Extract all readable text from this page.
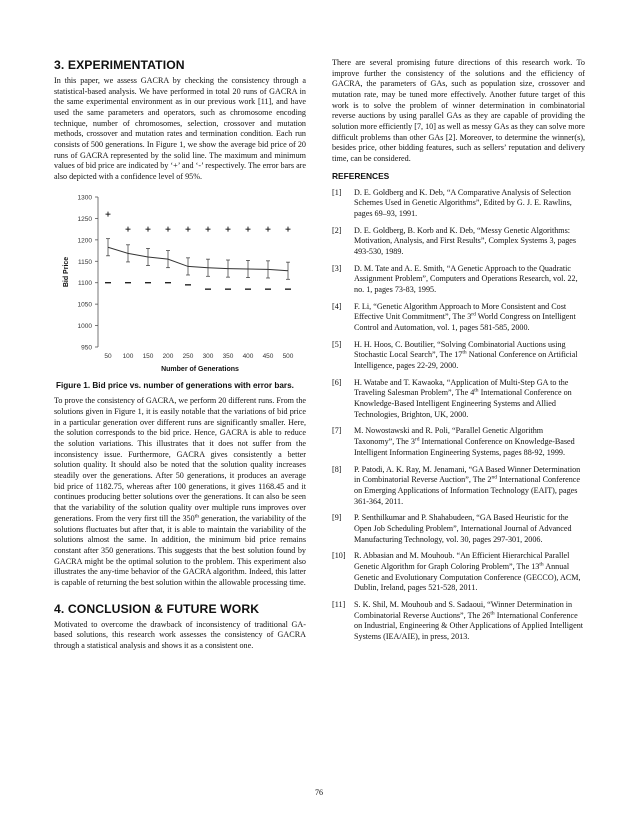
3. EXPERIMENTATION

In this paper, we assess GACRA by checking the consistency through a statistical-based analysis. We have performed in total 20 runs of GACRA in the same experimental environment as in our previous work [11], and have used the same parameters and operators, such as chromosome encoding technique, number of chromosomes, selection, crossover and mutation methods, crossover and mutation rates and termination condition. Each run consists of 500 generations. In Figure 1, we show the average bid price of 20 runs of GACRA represented by the solid line. The maximum and minimum values of bid price are indicated by ‘+’ and ‘-’ respectively. The error bars are also depicted with a confidence level of 95%.

950
1000
1050
1100
1150
1200
1250
1300
50 100 150 200 250 300 350 400 450 500
Number of Generations
Bid Price
Figure 1. Bid price vs. number of generations with error bars.

To prove the consistency of GACRA, we perform 20 different runs. From the solutions given in Figure 1, it is easily notable that the variations of bid price in a particular generation over different runs are significantly smaller. Here, the solution corresponds to the bid price. Hence, GACRA is able to reduce the solution variations. This illustrates that it does not suffer from the inconsistency issue. Furthermore, GACRA gives consistently a better solution quality. It should also be noted that the solution quality increases steadily over the generations. After 50 generations, it produces an average bid price of 1182.75, whereas after 100 generations, it gives 1168.45 and it continues producing better solutions over the generations. It can also be seen that the variability of the solution quality over multiple runs improves over generations. From the very first till the 350th generation, the variability of the solutions fluctuates but after that, it is able to maintain the variability of the solutions almost the same. In addition, the minimum bid price remains constant after 350 generations. This suggests that the best solution found by GACRA might be the optimal solution to the problem. This experiment also illustrates the any-time behavior of the GACRA algorithm. Indeed, this latter is capable of returning the best solution within the allowable processing time.

4. CONCLUSION & FUTURE WORK

Motivated to overcome the drawback of inconsistency of traditional GA-based solutions, this research work assesses the consistency of GACRA through a statistical analysis and shows it as a consistent one.

There are several promising future directions of this research work. To improve further the consistency of the solutions and the efficiency of GACRA, the parameters of GAs, such as population size, crossover and mutation rate, may be tuned more effectively. Another future target of this work is to solve the problem of winner determination in combinatorial reverse auctions by using parallel GAs as they are capable of providing the solution more efficiently [7, 10] as well as messy GAs as they can solve more difficult problems than other GAs [2]. Moreover, to determine the winner(s), besides price, other bidding features, such as sellers’ reputation and delivery time, can be considered.

REFERENCES
[1]	D. E. Goldberg and K. Deb, “A Comparative Analysis of Selection Schemes Used in Genetic Algorithms”, Edited by G. J. E. Rawlins, pages 69–93, 1991.
[2]	D. E. Goldberg, B. Korb and K. Deb, “Messy Genetic Algorithms: Motivation, Analysis, and First Results”, Complex Systems 3, pages 493-530, 1989.
[3]	D. M. Tate and A. E. Smith, “A Genetic Approach to the Quadratic Assignment Problem”, Computers and Operations Research, vol. 22, no. 1, pages 73-83, 1995.
[4]	F. Li, “Genetic Algorithm Approach to More Consistent and Cost Effective Unit Commitment”, The 3rd World Congress on Intelligent Control and Automation, vol. 1, pages 581-585, 2000.
[5]	H. H. Hoos, C. Boutilier, “Solving Combinatorial Auctions using Stochastic Local Search”, The 17th National Conference on Artificial Intelligence, pages 22-29, 2000.
[6]	H. Watabe and T. Kawaoka, “Application of Multi-Step GA to the Traveling Salesman Problem”, The 4th International Conference on Knowledge-Based Intelligent Engineering Systems and Allied Technologies, Brighton, UK, 2000.
[7]	M. Nowostawski and R. Poli, “Parallel Genetic Algorithm Taxonomy”, The 3rd International Conference on Knowledge-Based Intelligent Information Engineering Systems, pages 88-92, 1999.
[8]	P. Patodi, A. K. Ray, M. Jenamani, “GA Based Winner Determination in Combinatorial Reverse Auction”, The 2nd International Conference on Emerging Applications of Information Technology (EAIT), pages 361-364, 2011.
[9]	P. Senthilkumar and P. Shahabudeen, “GA Based Heuristic for the Open Job Scheduling Problem”, International Journal of Advanced Manufacturing Technology, vol. 30, pages 297-301, 2006.
[10]	R. Abbasian and M. Mouhoub. “An Efficient Hierarchical Parallel Genetic Algorithm for Graph Coloring Problem”, The 13th Annual Genetic and Evolutionary Computation Conference (GECCO), ACM, Dublin, Ireland, pages 521-528, 2011.
[11]	S. K. Shil, M. Mouhoub and S. Sadaoui, “Winner Determination in Combinatorial Reverse Auctions”, The 26th International Conference on Industrial, Engineering & Other Applications of Applied Intelligent Systems (IEA/AIE), in press, 2013.
76
